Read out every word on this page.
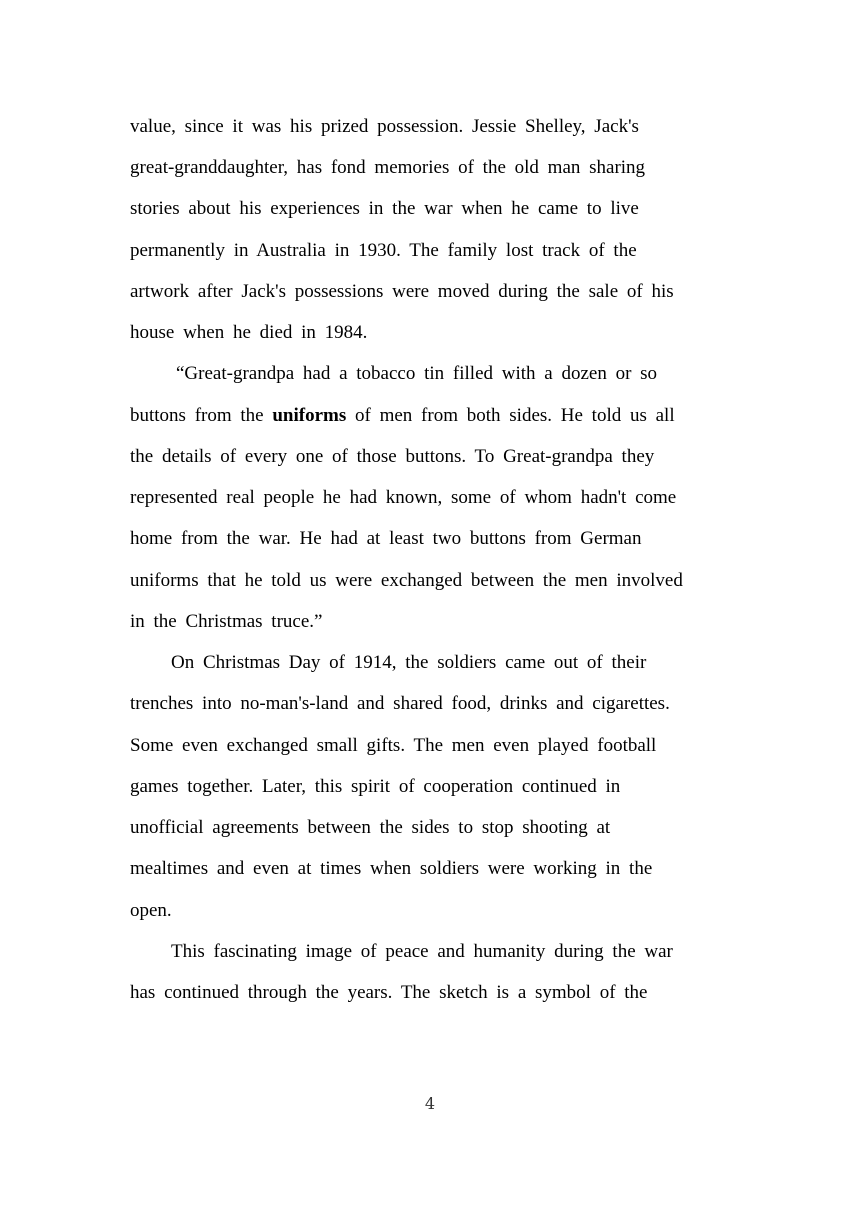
value, since it was his prized possession. Jessie Shelley, Jack's
great-granddaughter, has fond memories of the old man sharing
stories about his experiences in the war when he came to live
permanently in Australia in 1930. The family lost track of the
artwork after Jack's possessions were moved during the sale of his
house when he died in 1984.
“Great-grandpa had a tobacco tin filled with a dozen or so
buttons from the uniforms of men from both sides. He told us all
the details of every one of those buttons. To Great-grandpa they
represented real people he had known, some of whom hadn't come
home from the war. He had at least two buttons from German
uniforms that he told us were exchanged between the men involved
in the Christmas truce.”
On Christmas Day of 1914, the soldiers came out of their
trenches into no-man's-land and shared food, drinks and cigarettes.
Some even exchanged small gifts. The men even played football
games together. Later, this spirit of cooperation continued in
unofficial agreements between the sides to stop shooting at
mealtimes and even at times when soldiers were working in the
open.
This fascinating image of peace and humanity during the war
has continued through the years. The sketch is a symbol of the
4
